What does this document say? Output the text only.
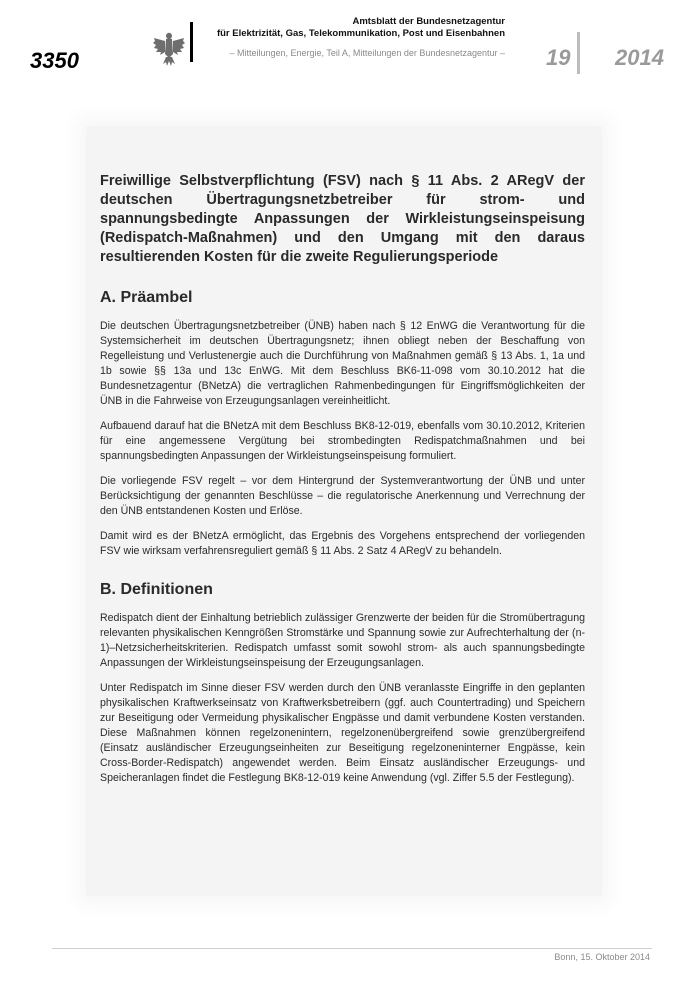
3350
Amtsblatt der Bundesnetzagentur
für Elektrizität, Gas, Telekommunikation, Post und Eisenbahnen
– Mitteilungen, Energie, Teil A, Mitteilungen der Bundesnetzagentur – 19 2014
Freiwillige Selbstverpflichtung (FSV) nach § 11 Abs. 2 ARegV der deutschen Übertragungsnetzbetreiber für strom- und spannungsbedingte Anpassungen der Wirkleistungseinspeisung (Redispatch-Maßnahmen) und den Umgang mit den daraus resultierenden Kosten für die zweite Regulierungsperiode
A. Präambel

Die deutschen Übertragungsnetzbetreiber (ÜNB) haben nach § 12 EnWG die Verantwortung für die Systemsicherheit im deutschen Übertragungsnetz; ihnen obliegt neben der Beschaffung von Regelleistung und Verlustenergie auch die Durchführung von Maßnahmen gemäß § 13 Abs. 1, 1a und 1b sowie §§ 13a und 13c EnWG. Mit dem Beschluss BK6-11-098 vom 30.10.2012 hat die Bundesnetzagentur (BNetzA) die vertraglichen Rahmenbedingungen für Eingriffsmöglichkeiten der ÜNB in die Fahrweise von Erzeugungsanlagen vereinheitlicht.

Aufbauend darauf hat die BNetzA mit dem Beschluss BK8-12-019, ebenfalls vom 30.10.2012, Kriterien für eine angemessene Vergütung bei strombedingten Redispatchmaßnahmen und bei spannungsbedingten Anpassungen der Wirkleistungseinspeisung formuliert.

Die vorliegende FSV regelt – vor dem Hintergrund der Systemverantwortung der ÜNB und unter Berücksichtigung der genannten Beschlüsse – die regulatorische Anerkennung und Verrechnung der den ÜNB entstandenen Kosten und Erlöse.

Damit wird es der BNetzA ermöglicht, das Ergebnis des Vorgehens entsprechend der vorliegenden FSV wie wirksam verfahrensreguliert gemäß § 11 Abs. 2 Satz 4 ARegV zu behandeln.

B. Definitionen

Redispatch dient der Einhaltung betrieblich zulässiger Grenzwerte der beiden für die Stromübertragung relevanten physikalischen Kenngrößen Stromstärke und Spannung sowie zur Aufrechterhaltung der (n-1)–Netzsicherheitskriterien. Redispatch umfasst somit sowohl strom- als auch spannungsbedingte Anpassungen der Wirkleistungseinspeisung der Erzeugungsanlagen.

Unter Redispatch im Sinne dieser FSV werden durch den ÜNB veranlasste Eingriffe in den geplanten physikalischen Kraftwerkseinsatz von Kraftwerksbetreibern (ggf. auch Countertrading) und Speichern zur Beseitigung oder Vermeidung physikalischer Engpässe und damit verbundene Kosten verstanden. Diese Maßnahmen können regelzonenintern, regelzonenübergreifend sowie grenzübergreifend (Einsatz ausländischer Erzeugungseinheiten zur Beseitigung regelzoneninterner Engpässe, kein Cross-Border-Redispatch) angewendet werden. Beim Einsatz ausländischer Erzeugungs- und Speicheranlagen findet die Festlegung BK8-12-019 keine Anwendung (vgl. Ziffer 5.5 der Festlegung).

Bonn, 15. Oktober 2014
